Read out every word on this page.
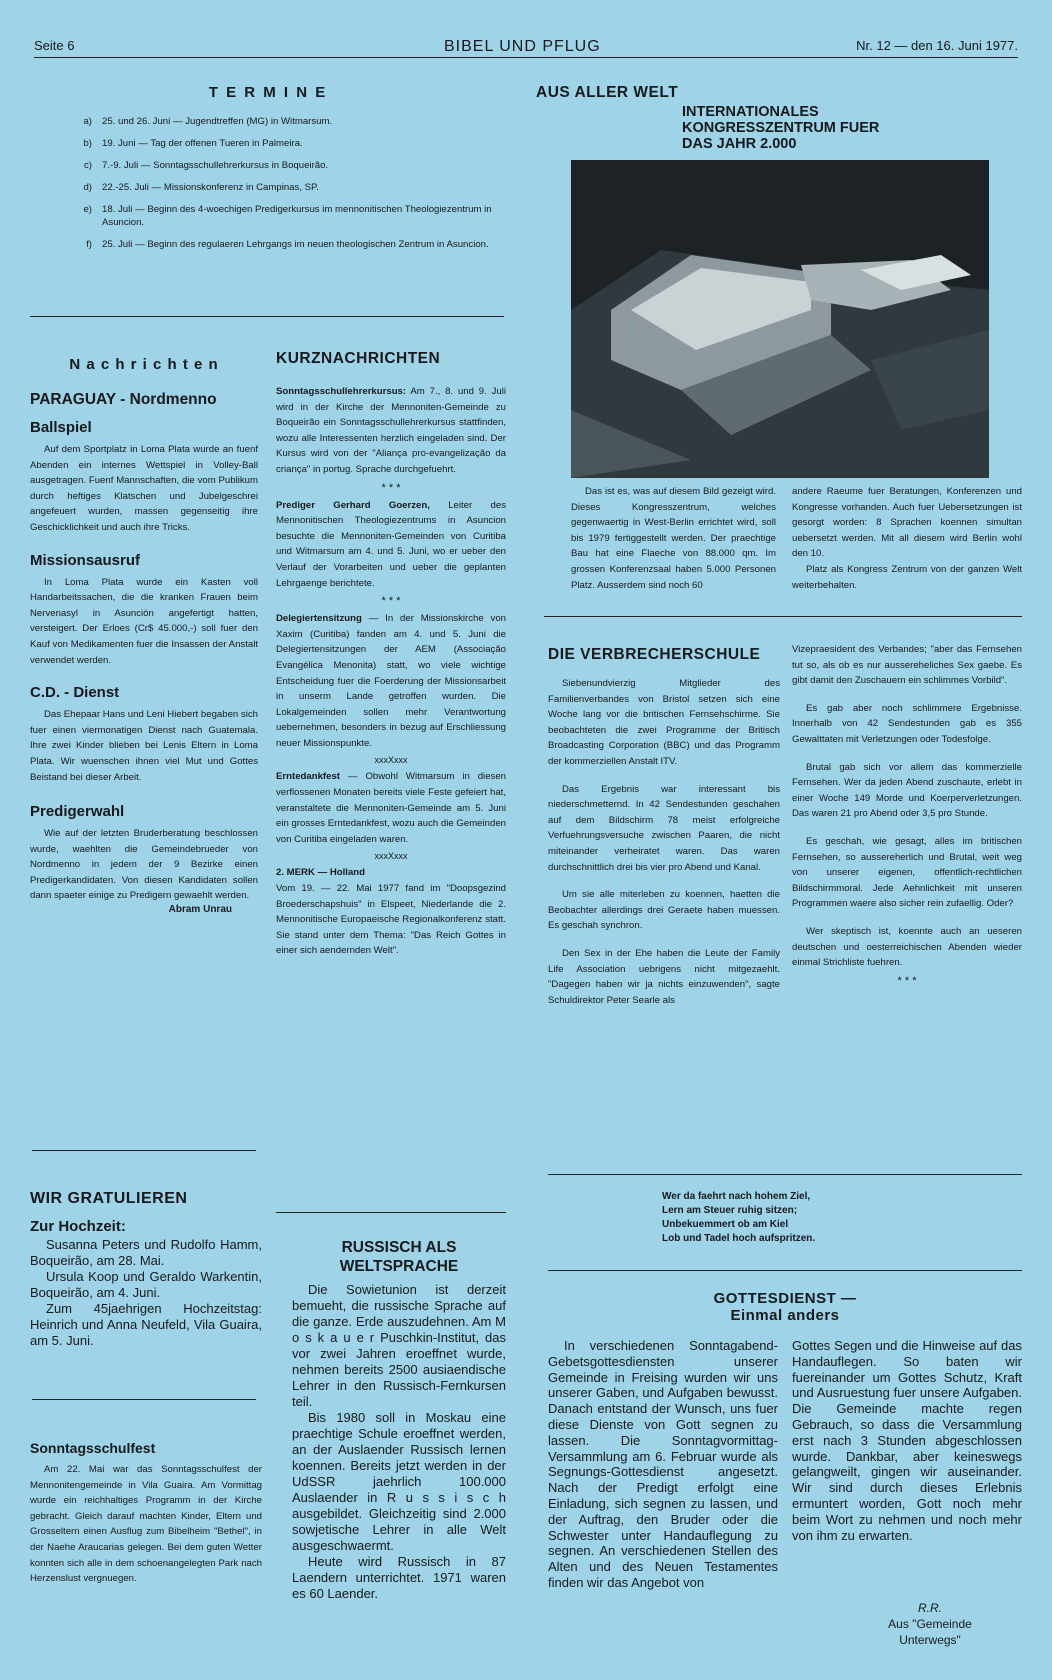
Seite 6	BIBEL UND PFLUG	Nr. 12 — den 16. Juni 1977.
T E R M I N E
a)	25. und 26. Juni — Jugendtreffen (MG) in Witmarsum.
b)	19. Juni — Tag der offenen Tueren in Palmeira.
c)	7.-9. Juli — Sonntagsschullehrerkursus in Boqueirão.
d)	22.-25. Juli — Missionskonferenz in Campinas, SP.
e)	18. Juli — Beginn des 4-woechigen Predigerkursus im mennonitischen Theologiezentrum in Asuncion.
f)	25. Juli — Beginn des regulaeren Lehrgangs im neuen theologischen Zentrum in Asuncion.
N a c h r i c h t e n
PARAGUAY - Nordmenno
Ballspiel

Auf dem Sportplatz in Loma Plata wurde an fuenf Abenden ein internes Wettspiel in Volley-Ball ausgetragen. Fuenf Mannschaften, die vom Publikum durch heftiges Klatschen und Jubelgeschrei angefeuert wurden, massen gegenseitig ihre Geschicklichkeit und auch ihre Tricks.

Missionsausruf

In Loma Plata wurde ein Kasten voll Handarbeitssachen, die die kranken Frauen beim Nervenasyl in Asunción angefertigt hatten, versteigert. Der Erloes (Cr$ 45.000,-) soll fuer den Kauf von Medikamenten fuer die Insassen der Anstalt verwendet werden.

C.D. - Dienst

Das Ehepaar Hans und Leni Hiebert begaben sich fuer einen viermonatigen Dienst nach Guatemala. Ihre zwei Kinder blieben bei Lenis Eltern in Loma Plata. Wir wuenschen ihnen viel Mut und Gottes Beistand bei dieser Arbeit.

Predigerwahl

Wie auf der letzten Bruderberatung beschlossen wurde, waehlten die Gemeindebrueder von Nordmenno in jedem der 9 Bezirke einen Predigerkandidaten. Von diesen Kandidaten sollen dann spaeter einige zu Predigern gewaehlt werden.

Abram Unrau
WIR GRATULIEREN
Zur Hochzeit:

Susanna Peters und Rudolfo Hamm, Boqueirão, am 28. Mai.

Ursula Koop und Geraldo Warkentin, Boqueirão, am 4. Juni.

Zum 45jaehrigen Hochzeitstag: Heinrich und Anna Neufeld, Vila Guaira, am 5. Juni.

Sonntagsschulfest

Am 22. Mai war das Sonntagsschulfest der Mennonitengemeinde in Vila Guaira. Am Vormittag wurde ein reichhaltiges Programm in der Kirche gebracht. Gleich darauf machten Kinder, Eltern und Grosseltern einen Ausflug zum Bibelheim "Bethel", in der Naehe Araucarias gelegen. Bei dem guten Wetter konnten sich alle in dem schoenangelegten Park nach Herzenslust vergnuegen.

KURZNACHRICHTEN

Sonntagsschullehrerkursus: Am 7., 8. und 9. Juli wird in der Kirche der Mennoniten-Gemeinde zu Boqueirão ein Sonntagsschullehrerkursus stattfinden, wozu alle Interessenten herzlich eingeladen sind. Der Kursus wird von der "Aliança pro-evangelização da criança" in portug. Sprache durchgefuehrt.

* * *

Prediger Gerhard Goerzen, Leiter des Mennonitischen Theologiezentrums in Asuncion besuchte die Mennoniten-Gemeinden von Curitiba und Witmarsum am 4. und 5. Juni, wo er ueber den Verlauf der Vorarbeiten und ueber die geplanten Lehrgaenge berichtete.

* * *

Delegiertensitzung — In der Missionskirche von Xaxim (Curitiba) fanden am 4. und 5. Juni die Delegiertensitzungen der AEM (Associação Evangélica Menonita) statt, wo viele wichtige Entscheidung fuer die Foerderung der Missionsarbeit in unserm Lande getroffen wurden. Die Lokalgemeinden sollen mehr Verantwortung uebernehmen, besonders in bezug auf Erschliessung neuer Missionspunkte.

xxxXxxx

Erntedankfest — Obwohl Witmarsum in diesen verflossenen Monaten bereits viele Feste gefeiert hat, veranstaltete die Mennoniten-Gemeinde am 5. Juni ein grosses Erntedankfest, wozu auch die Gemeinden von Curitiba eingeladen waren.

xxxXxxx

2. MERK — Holland

Vom 19. — 22. Mai 1977 fand im "Doopsgezind Broederschapshuis" in Elspeet, Niederlande die 2. Mennonitische Europaeische Regionalkonferenz statt. Sie stand unter dem Thema: "Das Reich Gottes in einer sich aendernden Welt".

RUSSISCH ALS WELTSPRACHE

Die Sowietunion ist derzeit bemueht, die russische Sprache auf die ganze. Erde auszudehnen. Am M o s k a u e r Puschkin-Institut, das vor zwei Jahren eroeffnet wurde, nehmen bereits 2500 ausiaendische Lehrer in den Russisch-Fernkursen teil.

Bis 1980 soll in Moskau eine praechtige Schule eroeffnet werden, an der Auslaender Russisch lernen koennen. Bereits jetzt werden in der UdSSR jaehrlich 100.000 Auslaender in R u s s i s c h ausgebildet. Gleichzeitig sind 2.000 sowjetische Lehrer in alle Welt ausgeschwaermt.

Heute wird Russisch in 87 Laendern unterrichtet. 1971 waren es 60 Laender.

AUS ALLER WELT
INTERNATIONALES KONGRESSZENTRUM FUER DAS JAHR 2.000

Das ist es, was auf diesem Bild gezeigt wird. Dieses Kongresszentrum, welches gegenwaertig in West-Berlin errichtet wird, soll bis 1979 fertiggestellt werden. Der praechtige Bau hat eine Flaeche von 88.000 qm. Im grossen Konferenzsaal haben 5.000 Personen Platz. Ausserdem sind noch 60

andere Raeume fuer Beratungen, Konferenzen und Kongresse vorhanden. Auch fuer Uebersetzungen ist gesorgt worden: 8 Sprachen koennen simultan uebersetzt werden. Mit all diesem wird Berlin wohl den 10.

Platz als Kongress Zentrum von der ganzen Welt weiterbehalten.

DIE VERBRECHERSCHULE

Siebenundvierzig Mitglieder des Familienverbandes von Bristol setzen sich eine Woche lang vor die britischen Fernsehschirme. Sie beobachteten die zwei Programme der Britisch Broadcasting Corporation (BBC) und das Programm der kommerziellen Anstalt ITV.

Das Ergebnis war interessant bis niederschmetternd. In 42 Sendestunden geschahen auf dem Bildschirm 78 meist erfolgreiche Verfuehrungsversuche zwischen Paaren, die nicht miteinander verheiratet waren. Das waren durchschnittlich drei bis vier pro Abend und Kanal.

Um sie alle miterleben zu koennen, haetten die Beobachter allerdings drei Geraete haben muessen. Es geschah synchron.

Den Sex in der Ehe haben die Leute der Family Life Association uebrigens nicht mitgezaehlt. "Dagegen haben wir ja nichts einzuwenden", sagte Schuldirektor Peter Searle als

Vizepraesident des Verbandes; "aber das Fernsehen tut so, als ob es nur aussereheliches Sex gaebe. Es gibt damit den Zuschauern ein schlimmes Vorbild".

Es gab aber noch schlimmere Ergebnisse. Innerhalb von 42 Sendestunden gab es 355 Gewalttaten mit Verletzungen oder Todesfolge.

Brutal gab sich vor allem das kommerzielle Fernsehen. Wer da jeden Abend zuschaute, erlebt in einer Woche 149 Morde und Koerperverletzungen. Das waren 21 pro Abend oder 3,5 pro Stunde.

Es geschah, wie gesagt, alles im britischen Fernsehen, so aussereherlich und Brutal, weit weg von unserer eigenen, offentlich-rechtlichen Bildschirmmoral. Jede Aehnlichkeit mit unseren Programmen waere also sicher rein zufaellig. Oder?

Wer skeptisch ist, koennte auch an ueseren deutschen und oesterreichischen Abenden wieder einmal Strichliste fuehren.

* * *
Wer da faehrt nach hohem Ziel,
Lern am Steuer ruhig sitzen;
Unbekuemmert ob am Kiel
Lob und Tadel hoch aufspritzen.
GOTTESDIENST —
Einmal anders

In verschiedenen Sonntagabend-Gebetsgottesdiensten unserer Gemeinde in Freising wurden wir uns unserer Gaben, und Aufgaben bewusst. Danach entstand der Wunsch, uns fuer diese Dienste von Gott segnen zu lassen. Die Sonntagvormittag-Versammlung am 6. Februar wurde als Segnungs-Gottesdienst angesetzt. Nach der Predigt erfolgt eine Einladung, sich segnen zu lassen, und der Auftrag, den Bruder oder die Schwester unter Handauflegung zu segnen. An verschiedenen Stellen des Alten und des Neuen Testamentes finden wir das Angebot von

Gottes Segen und die Hinweise auf das Handauflegen. So baten wir fuereinander um Gottes Schutz, Kraft und Ausruestung fuer unsere Aufgaben. Die Gemeinde machte regen Gebrauch, so dass die Versammlung erst nach 3 Stunden abgeschlossen wurde. Dankbar, aber keineswegs gelangweilt, gingen wir auseinander. Wir sind durch dieses Erlebnis ermuntert worden, Gott noch mehr beim Wort zu nehmen und noch mehr von ihm zu erwarten.

R.R.
Aus "Gemeinde Unterwegs"
